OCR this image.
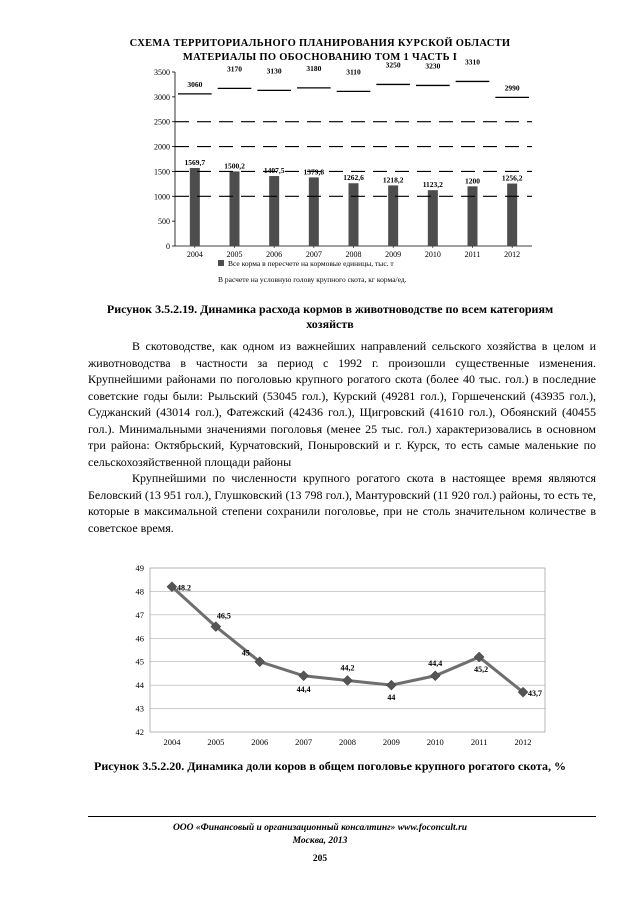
СХЕМА ТЕРРИТОРИАЛЬНОГО ПЛАНИРОВАНИЯ КУРСКОЙ ОБЛАСТИ
МАТЕРИАЛЫ ПО ОБОСНОВАНИЮ ТОМ 1 ЧАСТЬ I
0
500
1000
1500
2000
2500
3000
3500
1569,7
2004
1500,2
2005
1407,5
2006
1379,8
2007
1262,6
2008
1218,2
2009
1123,2
2010
1200
2011
1256,2
2012
3060
3170	3130	3180	3110
3250	3230	3310
2990
Все корма в пересчете на кормовые единицы, тыс. т
В расчете на условную голову крупного скота, кг корма/ед.
Рисунок 3.5.2.19. Динамика расхода кормов в животноводстве по всем категориям
хозяйств

В скотоводстве, как одном из важнейших направлений сельского хозяйства в целом и животноводства в частности за период с 1992 г. произошли существенные изменения. Крупнейшими районами по поголовью крупного рогатого скота (более 40 тыс. гол.) в последние советские годы были: Рыльский (53045 гол.), Курский (49281 гол.), Горшеченский (43935 гол.), Суджанский (43014 гол.), Фатежский (42436 гол.), Щигровский (41610 гол.), Обоянский (40455 гол.). Минимальными значениями поголовья (менее 25 тыс. гол.) характеризовались в основном три района: Октябрьский, Курчатовский, Поныровский и г. Курск, то есть самые маленькие по сельскохозяйственной площади районы

Крупнейшими по численности крупного рогатого скота в настоящее время являются Беловский (13 951 гол.), Глушковский (13 798 гол.), Мантуровский (11 920 гол.) районы, то есть те, которые в максимальной степени сохранили поголовье, при не столь значительном количестве в советское время.

42
43
44
45
46
47
48
49
48.2
2004
46,5
2005
45
2006
44,4
2007
44,2
2008
44
2009
44,4
2010
45,2
2011
43,7
2012
Рисунок 3.5.2.20. Динамика доли коров в общем поголовье крупного рогатого скота, %
ООО «Финансовый и организационный консалтинг» www.foconcult.ru
Москва, 2013
205
